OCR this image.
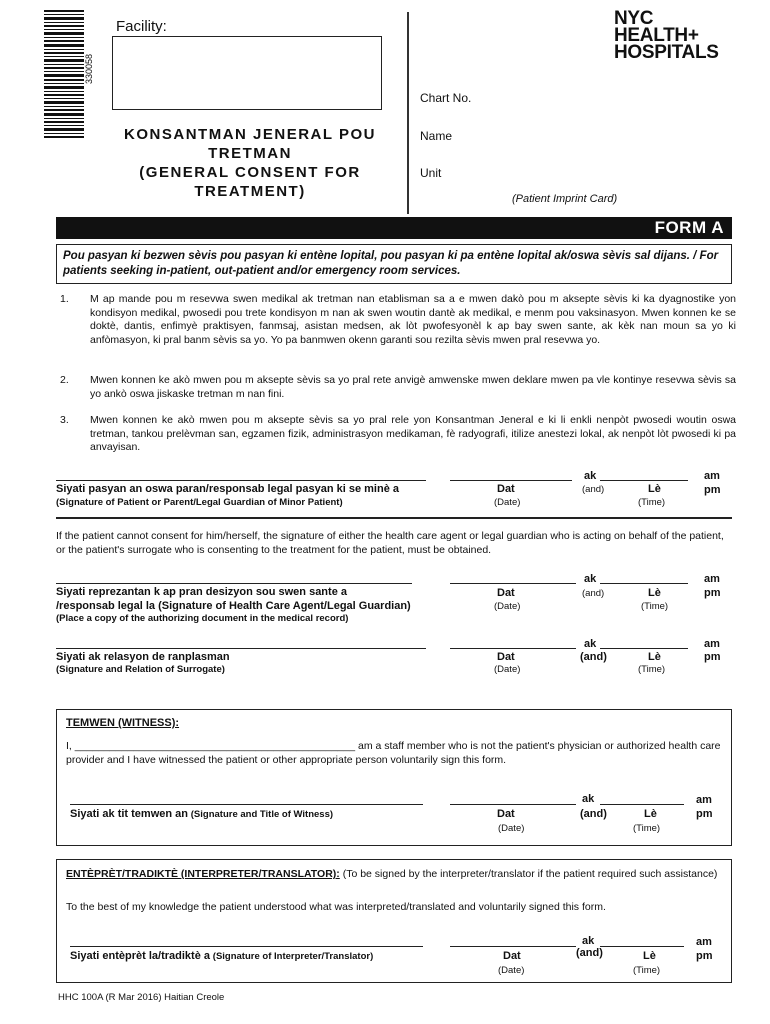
330058
Facility:
KONSANTMAN JENERAL POU
TRETMAN
(GENERAL CONSENT FOR
TREATMENT)
NYC
HEALTH+
HOSPITALS
Chart No.
Name
Unit
(Patient Imprint Card)
FORM A
Pou pasyan ki bezwen sèvis pou pasyan ki entène lopital, pou pasyan ki pa entène lopital ak/oswa sèvis sal dijans. / For patients seeking in-patient, out-patient and/or emergency room services.
1. M ap mande pou m resevwa swen medikal ak tretman nan etablisman sa a e mwen dakò pou m aksepte sèvis ki ka dyagnostike yon kondisyon medikal, pwosedi pou trete kondisyon m nan ak swen woutin dantè ak medikal, e menm pou vaksinasyon. Mwen konnen ke se doktè, dantis, enfimyè praktisyen, fanmsaj, asistan medsen, ak lòt pwofesyonèl k ap bay swen sante, ak kèk nan moun sa yo ki anfòmasyon, ki pral banm sèvis sa yo. Yo pa banmwen okenn garanti sou rezilta sèvis mwen pral resevwa yo.
2. Mwen konnen ke akò mwen pou m aksepte sèvis sa yo pral rete anvigè amwenske mwen deklare mwen pa vle kontinye resevwa sèvis sa yo ankò oswa jiskaske tretman m nan fini.
3. Mwen konnen ke akò mwen pou m aksepte sèvis sa yo pral rele yon Konsantman Jeneral e ki li enkli nenpòt pwosedi woutin oswa tretman, tankou prelèvman san, egzamen fizik, administrasyon medikaman, fè radyografi, itilize anestezi lokal, ak nenpòt lòt pwosedi ki pa anvayisan.
Siyati pasyan an oswa paran/responsab legal pasyan ki se minè a
(Signature of Patient or Parent/Legal Guardian of Minor Patient)
ak	am
Dat	(and)	Lè	pm
(Date)	(Time)
If the patient cannot consent for him/herself, the signature of either the health care agent or legal guardian who is acting on behalf of the patient, or the patient's surrogate who is consenting to the treatment for the patient, must be obtained.
Siyati reprezantan k ap pran desizyon sou swen sante a
/responsab legal la (Signature of Health Care Agent/Legal Guardian)
(Place a copy of the authorizing document in the medical record)
ak	am
Dat	(and)	Lè	pm
(Date)	(Time)
Siyati ak relasyon de ranplasman
(Signature and Relation of Surrogate)
ak	am
Dat	(and)	Lè	pm
(Date)	(Time)
TEMWEN (WITNESS):
I, ________________________________________________ am a staff member who is not the patient's physician or authorized health care provider and I have witnessed the patient or other appropriate person voluntarily sign this form.
Siyati ak tit temwen an (Signature and Title of Witness)
ak	am
Dat	(and)	Lè	pm
(Date)	(Time)
ENTÈPRÈT/TRADIKTÈ (INTERPRETER/TRANSLATOR): (To be signed by the interpreter/translator if the patient required such assistance)
To the best of my knowledge the patient understood what was interpreted/translated and voluntarily signed this form.
Siyati entèprèt la/tradiktè a (Signature of Interpreter/Translator)
ak	am
Dat	(and)	Lè	pm
(Date)	(Time)
HHC 100A (R Mar 2016) Haitian Creole
